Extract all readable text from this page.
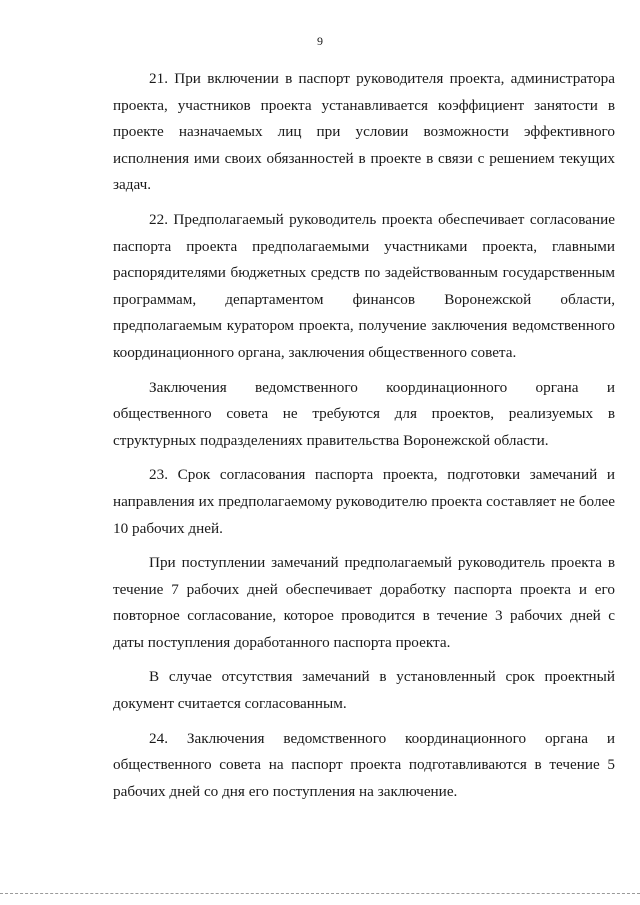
9

21. При включении в паспорт руководителя проекта, администратора проекта, участников проекта устанавливается коэффициент занятости в проекте назначаемых лиц при условии возможности эффективного исполнения ими своих обязанностей в проекте в связи с решением текущих задач.

22. Предполагаемый руководитель проекта обеспечивает согласование паспорта проекта предполагаемыми участниками проекта, главными распорядителями бюджетных средств по задействованным государственным программам, департаментом финансов Воронежской области, предполагаемым куратором проекта, получение заключения ведомственного координационного органа, заключения общественного совета.

Заключения ведомственного координационного органа и общественного совета не требуются для проектов, реализуемых в структурных подразделениях правительства Воронежской области.

23. Срок согласования паспорта проекта, подготовки замечаний и направления их предполагаемому руководителю проекта составляет не более 10 рабочих дней.

При поступлении замечаний предполагаемый руководитель проекта в течение 7 рабочих дней обеспечивает доработку паспорта проекта и его повторное согласование, которое проводится в течение 3 рабочих дней с даты поступления доработанного паспорта проекта.

В случае отсутствия замечаний в установленный срок проектный документ считается согласованным.

24. Заключения ведомственного координационного органа и общественного совета на паспорт проекта подготавливаются в течение 5 рабочих дней со дня его поступления на заключение.
